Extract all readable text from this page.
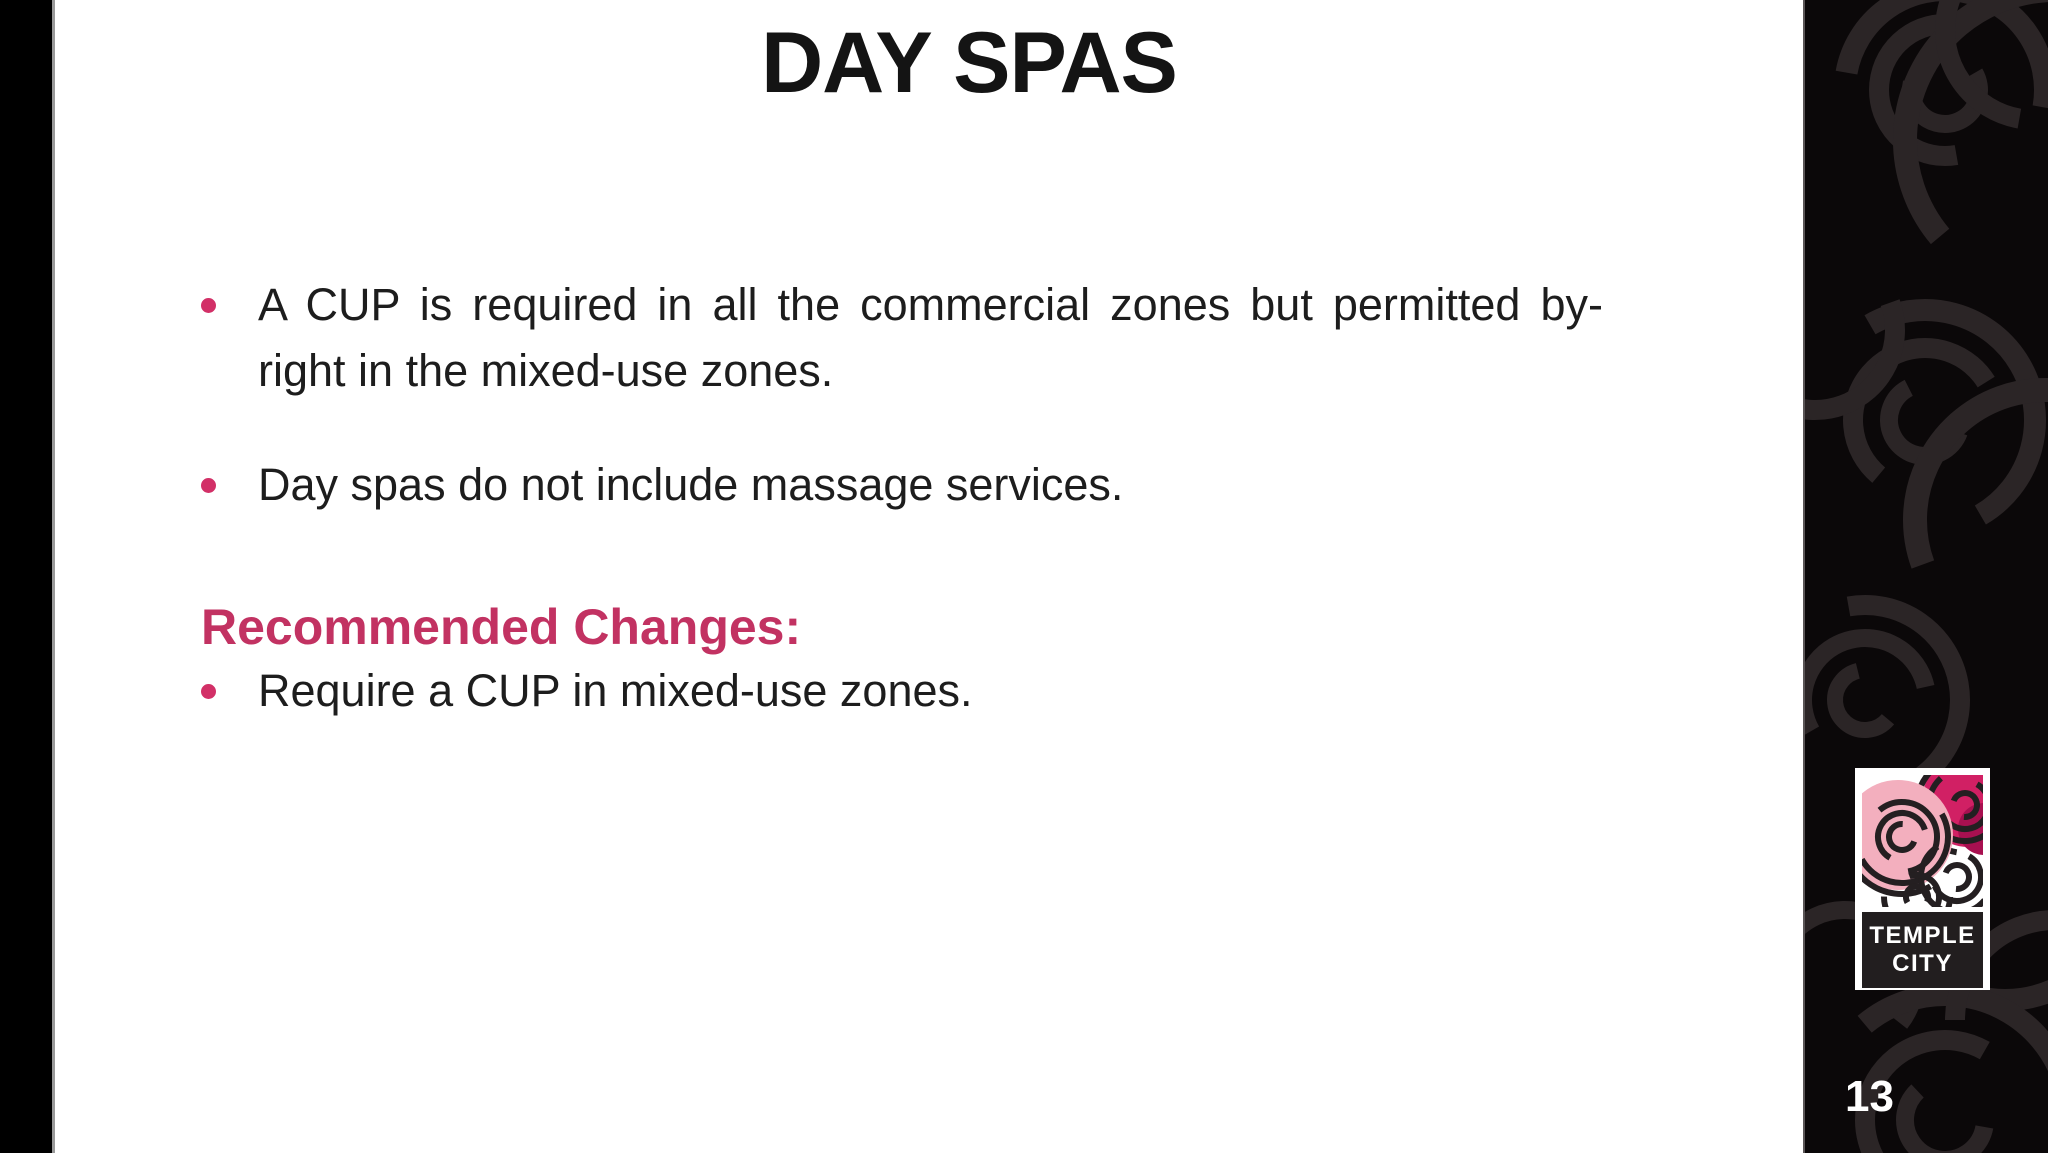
DAY SPAS
A CUP is required in all the commercial zones but permitted by-right in the mixed-use zones.
Day spas do not include massage services.
Recommended Changes:
Require a CUP in mixed-use zones.
TEMPLE
CITY
13
